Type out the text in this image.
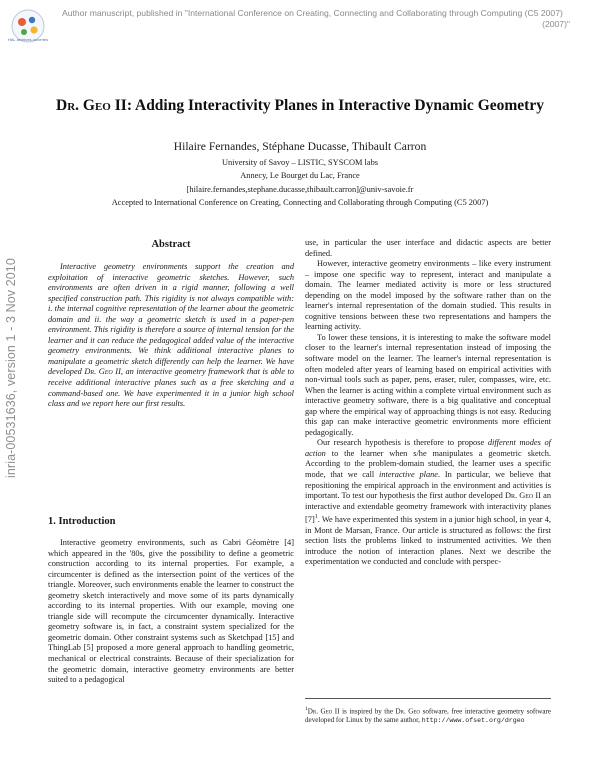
HAL archives-ouvertes
Author manuscript, published in "International Conference on Creating, Connecting and Collaborating through Computing (C5 2007)
(2007)"
inria-00531636, version 1 - 3 Nov 2010
Dr. Geo II: Adding Interactivity Planes in Interactive Dynamic Geometry
Hilaire Fernandes, Stéphane Ducasse, Thibault Carron
University of Savoy – LISTIC, SYSCOM labs
Annecy, Le Bourget du Lac, France
[hilaire.fernandes,stephane.ducasse,thibault.carron]@univ-savoie.fr
Accepted to International Conference on Creating, Connecting and Collaborating through Computing (C5 2007)
Abstract

Interactive geometry environments support the creation and exploitation of interactive geometric sketches. However, such environments are often driven in a rigid manner, following a well specified construction path. This rigidity is not always compatible with: i. the internal cognitive representation of the learner about the geometric domain and ii. the way a geometric sketch is used in a paper-pen environment. This rigidity is therefore a source of internal tension for the learner and it can reduce the pedagogical added value of the interactive geometry environments. We think additional interactive planes to manipulate a geometric sketch differently can help the learner. We have developed Dr. Geo II, an interactive geometry framework that is able to receive additional interactive planes such as a free sketching and a command-based one. We have experimented it in a junior high school class and we report here our first results.

1. Introduction

Interactive geometry environments, such as Cabri Géomètre [4] which appeared in the '80s, give the possibility to define a geometric construction according to its internal properties. For example, a circumcenter is defined as the intersection point of the vertices of the triangle. Moreover, such environments enable the learner to construct the geometry sketch interactively and move some of its parts dynamically according to its internal properties. With our example, moving one triangle side will recompute the circumcenter dynamically. Interactive geometry software is, in fact, a constraint system specialized for the geometric domain. Other constraint systems such as Sketchpad [15] and ThingLab [5] proposed a more general approach to handling geometric, mechanical or electrical constraints. Because of their specialization for the geometric domain, interactive geometry environments are better suited to a pedagogical

use, in particular the user interface and didactic aspects are better defined.

However, interactive geometry environments – like every instrument – impose one specific way to represent, interact and manipulate a domain. The learner mediated activity is more or less structured depending on the model imposed by the software rather than on the learner's internal representation of the domain studied. This results in cognitive tensions between these two representations and hampers the learning activity.

To lower these tensions, it is interesting to make the software model closer to the learner's internal representation instead of imposing the software model on the learner. The learner's internal representation is often modeled after years of learning based on empirical activities with non-virtual tools such as paper, pens, eraser, ruler, compasses, wire, etc. When the learner is acting within a complete virtual environment such as interactive geometry software, there is a big qualitative and conceptual gap where the empirical way of approaching things is not easy. Reducing this gap can make interactive geometric environments more efficient pedagogically.

Our research hypothesis is therefore to propose different modes of action to the learner when s/he manipulates a geometric sketch. According to the problem-domain studied, the learner uses a specific mode, that we call interactive plane. In particular, we believe that repositioning the empirical approach in the environment and activities is important. To test our hypothesis the first author developed Dr. Geo II an interactive and extendable geometry framework with interactivity planes $[7]^1$. We have experimented this system in a junior high school, in year 4, in Mont de Marsan, France. Our article is structured as follows: the first section lists the problems linked to instrumented activities. We then introduce the notion of interaction planes. Next we describe the experimentation we conducted and conclude with perspec-

$^1$Dr. Geo II is inspired by the Dr. Geo software, free interactive geometry software developed for Linux by the same author, http://www.ofset.org/drgeo
